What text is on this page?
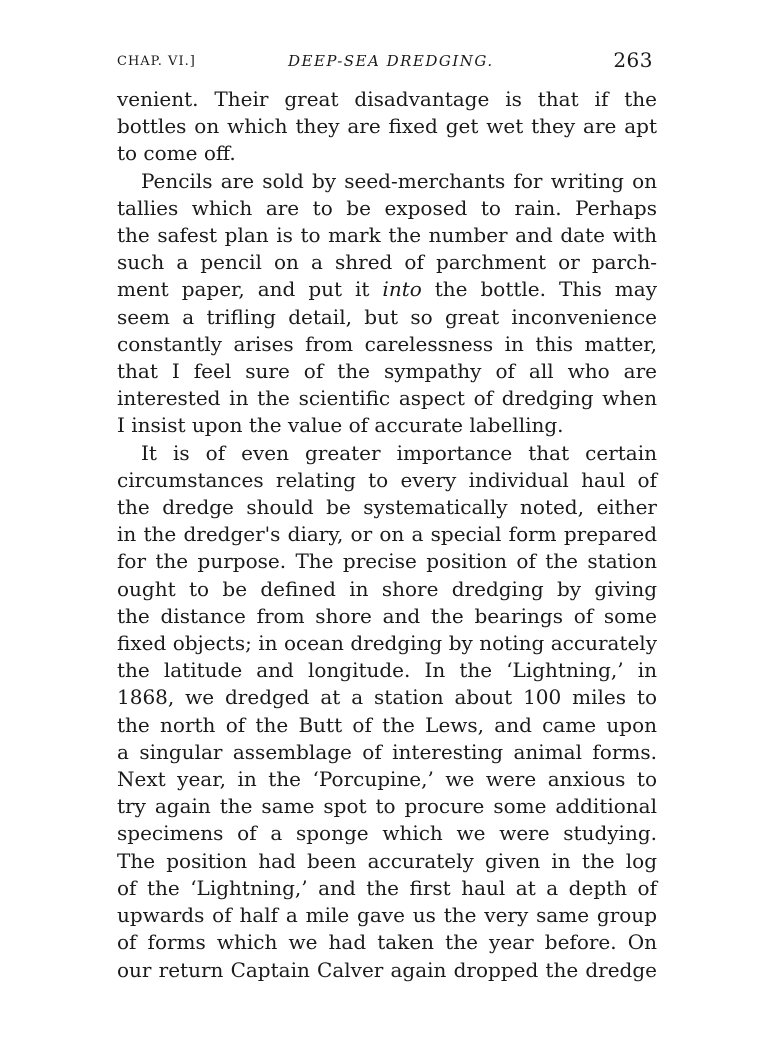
CHAP. VI.]	DEEP-SEA DREDGING.	263

venient. Their great disadvantage is that if the
bottles on which they are fixed get wet they are apt
to come off.

Pencils are sold by seed-merchants for writing on
tallies which are to be exposed to rain. Perhaps
the safest plan is to mark the number and date with
such a pencil on a shred of parchment or parch-
ment paper, and put it into the bottle. This may
seem a trifling detail, but so great inconvenience
constantly arises from carelessness in this matter,
that I feel sure of the sympathy of all who are
interested in the scientific aspect of dredging when
I insist upon the value of accurate labelling.

It is of even greater importance that certain
circumstances relating to every individual haul of
the dredge should be systematically noted, either
in the dredger's diary, or on a special form prepared
for the purpose. The precise position of the station
ought to be defined in shore dredging by giving
the distance from shore and the bearings of some
fixed objects; in ocean dredging by noting accurately
the latitude and longitude. In the ‘Lightning,’ in
1868, we dredged at a station about 100 miles to
the north of the Butt of the Lews, and came upon
a singular assemblage of interesting animal forms.
Next year, in the ‘Porcupine,’ we were anxious to
try again the same spot to procure some additional
specimens of a sponge which we were studying.
The position had been accurately given in the log
of the ‘Lightning,’ and the first haul at a depth of
upwards of half a mile gave us the very same group
of forms which we had taken the year before. On
our return Captain Calver again dropped the dredge
